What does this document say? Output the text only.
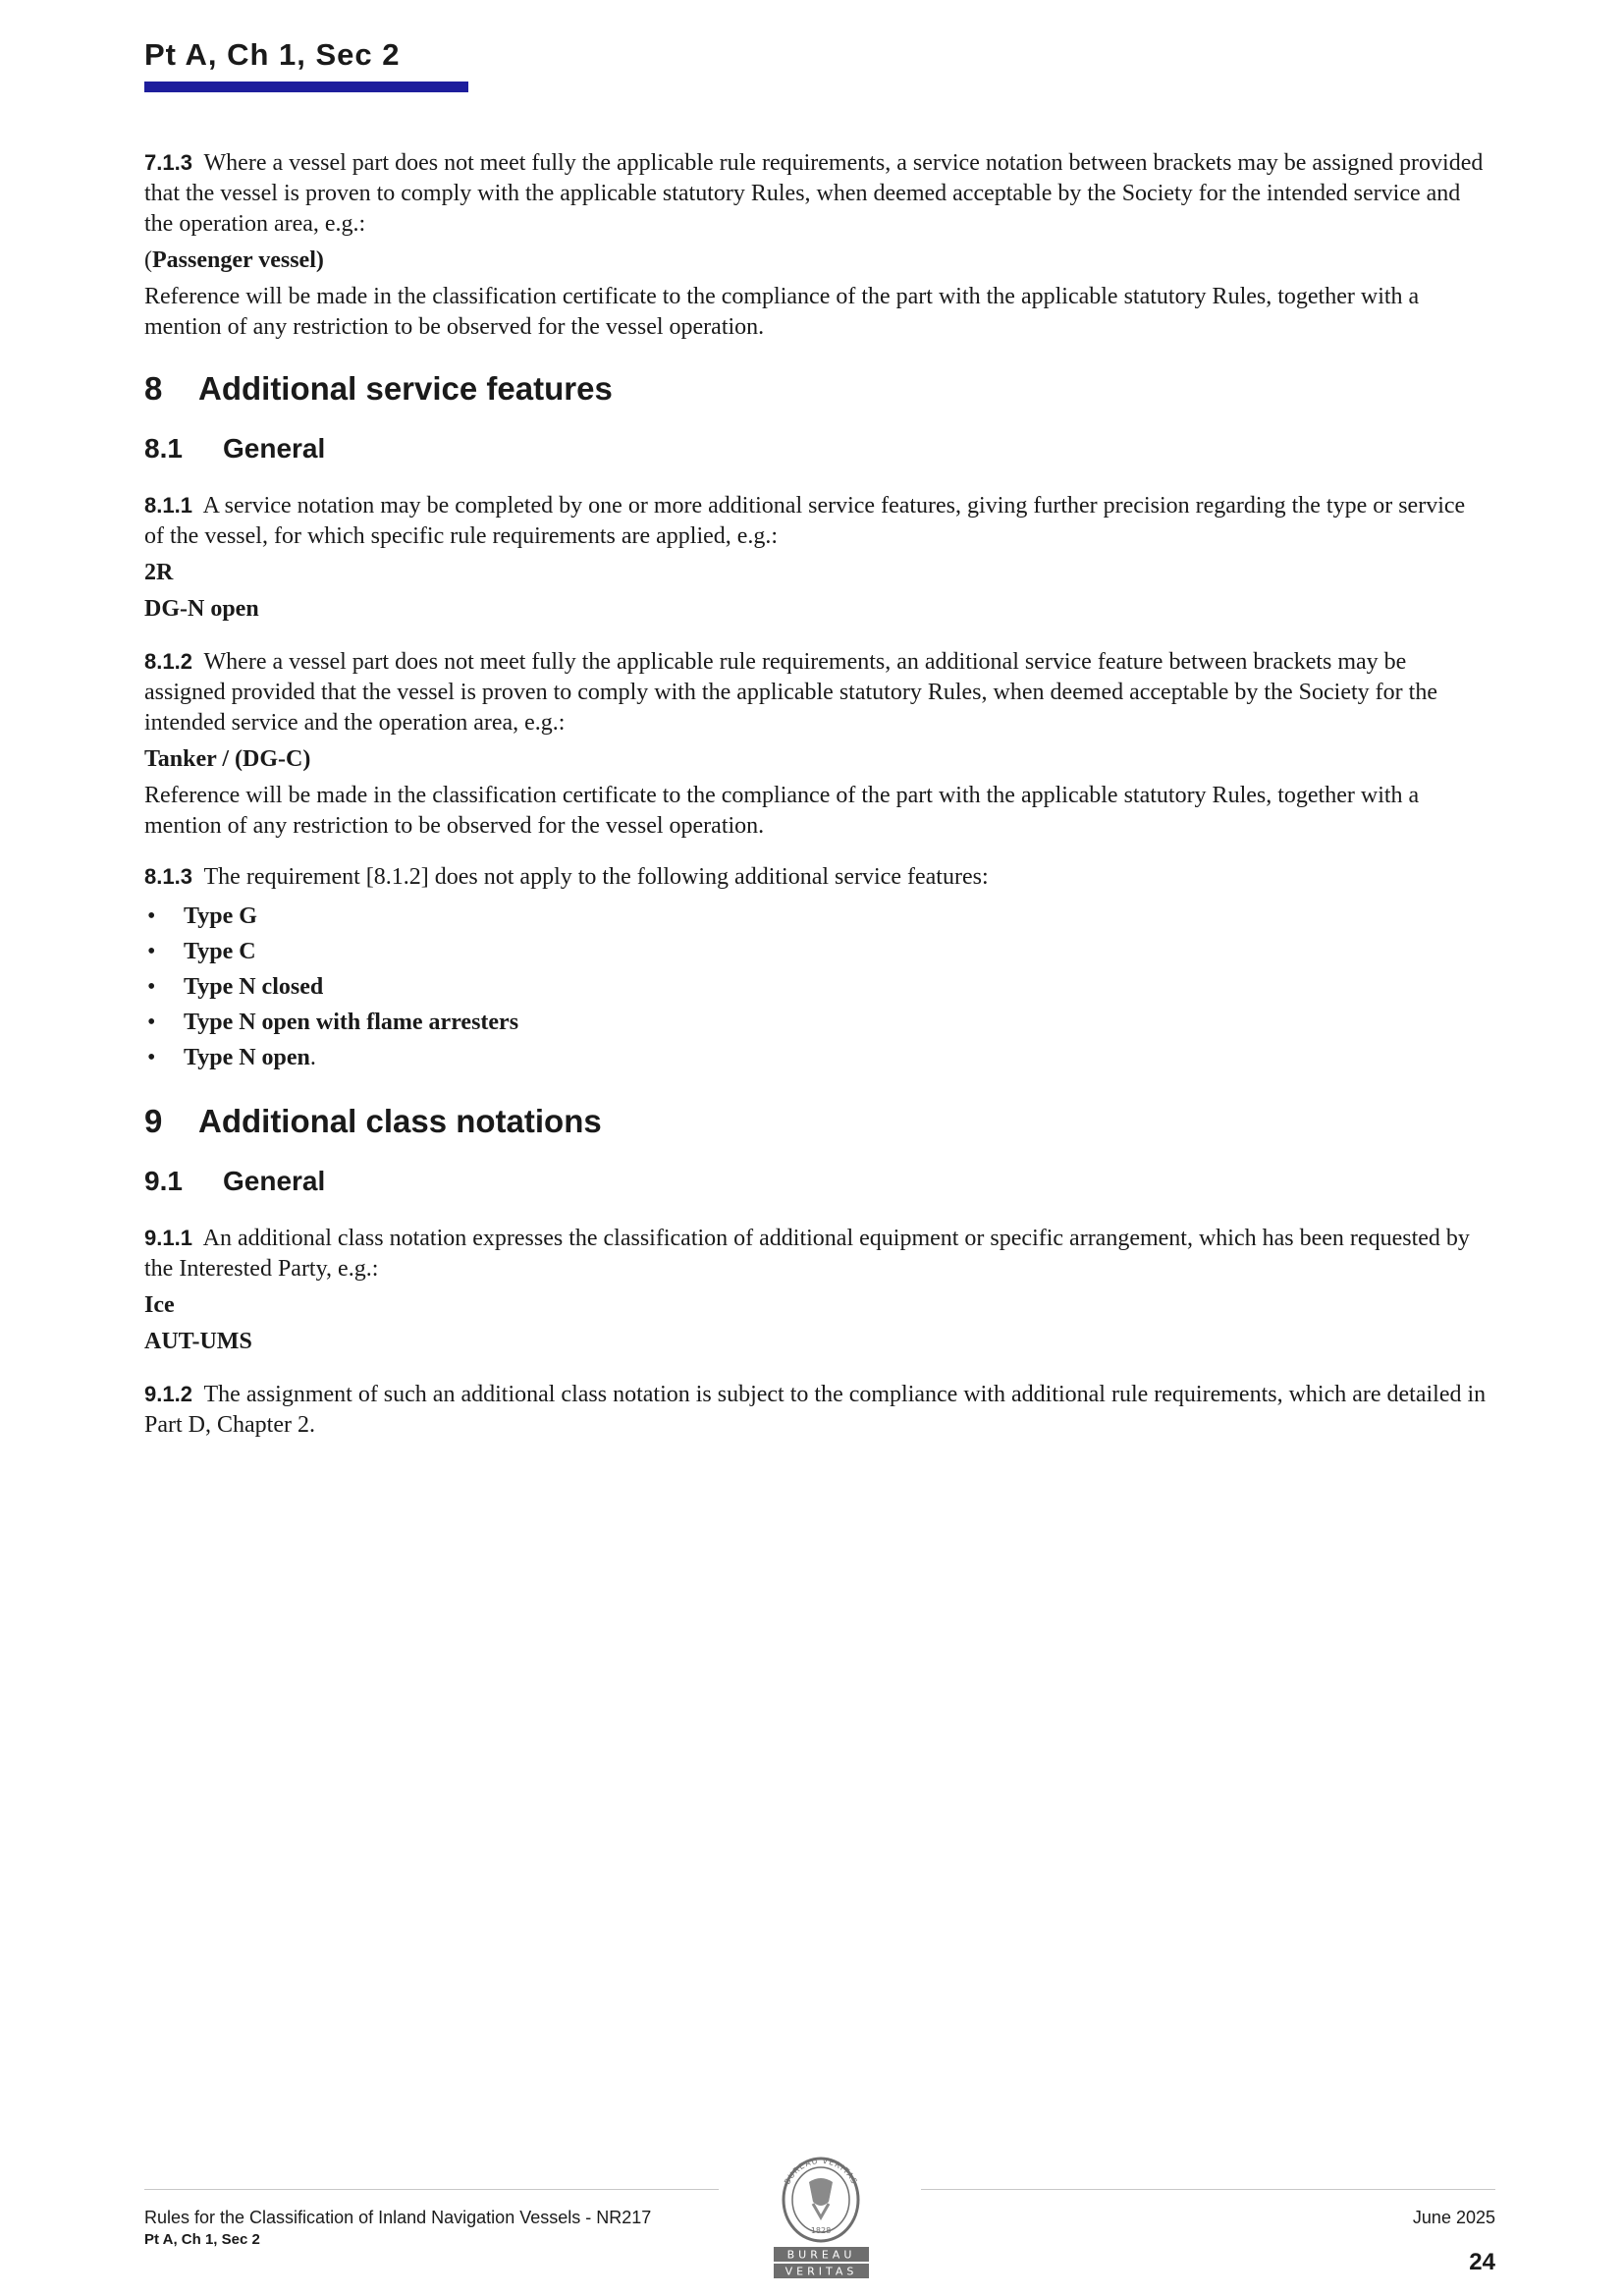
Pt A, Ch 1, Sec 2

7.1.3 Where a vessel part does not meet fully the applicable rule requirements, a service notation between brackets may be assigned provided that the vessel is proven to comply with the applicable statutory Rules, when deemed acceptable by the Society for the intended service and the operation area, e.g.:

(Passenger vessel)

Reference will be made in the classification certificate to the compliance of the part with the applicable statutory Rules, together with a mention of any restriction to be observed for the vessel operation.

8 Additional service features
8.1 General

8.1.1 A service notation may be completed by one or more additional service features, giving further precision regarding the type or service of the vessel, for which specific rule requirements are applied, e.g.:

2R

DG-N open

8.1.2 Where a vessel part does not meet fully the applicable rule requirements, an additional service feature between brackets may be assigned provided that the vessel is proven to comply with the applicable statutory Rules, when deemed acceptable by the Society for the intended service and the operation area, e.g.:

Tanker / (DG-C)

Reference will be made in the classification certificate to the compliance of the part with the applicable statutory Rules, together with a mention of any restriction to be observed for the vessel operation.

8.1.3 The requirement [8.1.2] does not apply to the following additional service features:

• Type G
• Type C
• Type N closed
• Type N open with flame arresters
• Type N open.
9 Additional class notations
9.1 General

9.1.1 An additional class notation expresses the classification of additional equipment or specific arrangement, which has been requested by the Interested Party, e.g.:

Ice

AUT-UMS

9.1.2 The assignment of such an additional class notation is subject to the compliance with additional rule requirements, which are detailed in Part D, Chapter 2.

Rules for the Classification of Inland Navigation Vessels - NR217
Pt A, Ch 1, Sec 2
June 2025
24
BUREAU VERITAS
1828
BUREAU
VERITAS
